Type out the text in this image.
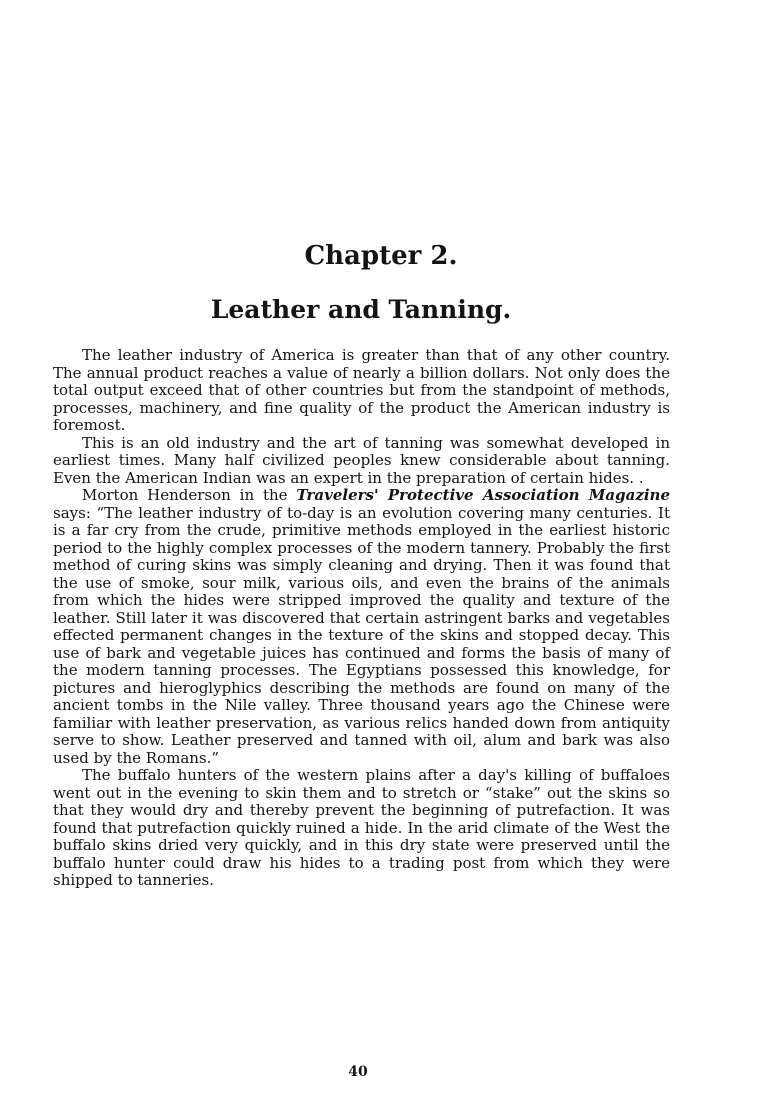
Chapter 2.
Leather and Tanning.

The leather industry of America is greater than that of any other country. The annual product reaches a value of nearly a billion dollars. Not only does the total output exceed that of other countries but from the standpoint of methods, processes, machinery, and fine quality of the product the American industry is foremost.

This is an old industry and the art of tanning was somewhat developed in earliest times. Many half civilized peoples knew considerable about tanning. Even the American Indian was an expert in the preparation of certain hides. .

Morton Henderson in the Travelers' Protective Association Magazine says: “The leather industry of to-day is an evolution covering many centuries. It is a far cry from the crude, primitive methods employed in the earliest historic period to the highly complex processes of the modern tannery. Probably the first method of curing skins was simply cleaning and drying. Then it was found that the use of smoke, sour milk, various oils, and even the brains of the animals from which the hides were stripped improved the quality and texture of the leather. Still later it was discovered that certain astringent barks and vegetables effected permanent changes in the texture of the skins and stopped decay. This use of bark and vegetable juices has continued and forms the basis of many of the modern tanning processes. The Egyptians possessed this knowledge, for pictures and hieroglyphics describing the methods are found on many of the ancient tombs in the Nile valley. Three thousand years ago the Chinese were familiar with leather preservation, as various relics handed down from antiquity serve to show. Leather preserved and tanned with oil, alum and bark was also used by the Romans.”

The buffalo hunters of the western plains after a day's killing of buffaloes went out in the evening to skin them and to stretch or “stake” out the skins so that they would dry and thereby prevent the beginning of putrefaction. It was found that putrefaction quickly ruined a hide. In the arid climate of the West the buffalo skins dried very quickly, and in this dry state were preserved until the buffalo hunter could draw his hides to a trading post from which they were shipped to tanneries.

40
